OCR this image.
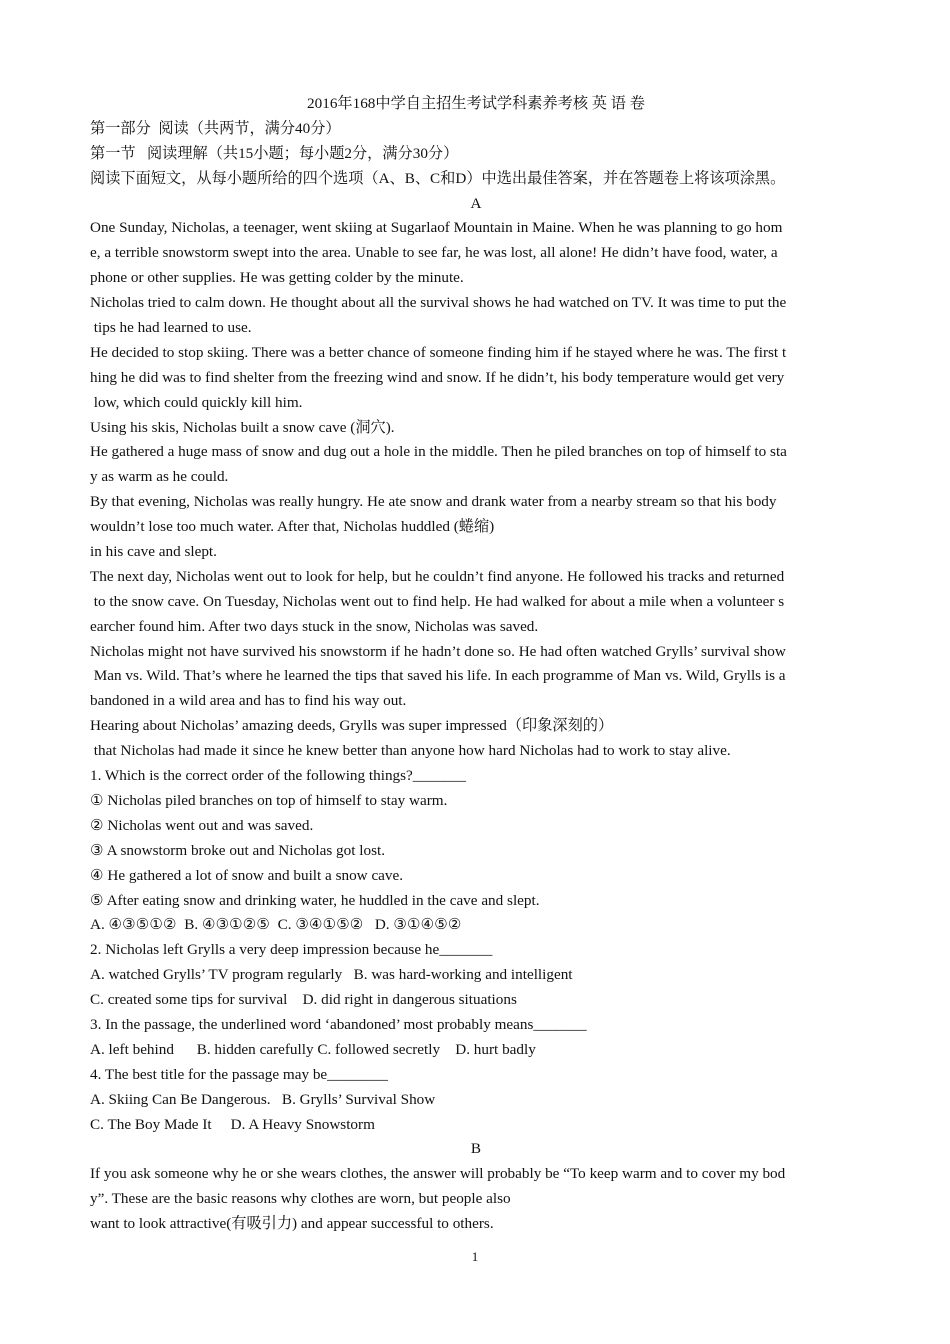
2016年168中学自主招生考试学科素养考核 英 语 卷
第一部分  阅读（共两节，满分40分）
第一节   阅读理解（共15小题；每小题2分，满分30分）
阅读下面短文，从每小题所给的四个选项（A、B、C和D）中选出最佳答案，并在答题卷上将该项涂黑。
A
One Sunday, Nicholas, a teenager, went skiing at Sugarlaof Mountain in Maine. When he was planning to go hom
e, a terrible snowstorm swept into the area. Unable to see far, he was lost, all alone! He didn’t have food, water, a
phone or other supplies. He was getting colder by the minute.
Nicholas tried to calm down. He thought about all the survival shows he had watched on TV. It was time to put the
tips he had learned to use.
He decided to stop skiing. There was a better chance of someone finding him if he stayed where he was. The first t
hing he did was to find shelter from the freezing wind and snow. If he didn’t, his body temperature would get very
low, which could quickly kill him.
Using his skis, Nicholas built a snow cave (洞穴).
He gathered a huge mass of snow and dug out a hole in the middle. Then he piled branches on top of himself to sta
y as warm as he could.
By that evening, Nicholas was really hungry. He ate snow and drank water from a nearby stream so that his body
wouldn’t lose too much water. After that, Nicholas huddled (蜷缩)
in his cave and slept.
The next day, Nicholas went out to look for help, but he couldn’t find anyone. He followed his tracks and returned
to the snow cave. On Tuesday, Nicholas went out to find help. He had walked for about a mile when a volunteer s
earcher found him. After two days stuck in the snow, Nicholas was saved.
Nicholas might not have survived his snowstorm if he hadn’t done so. He had often watched Grylls’ survival show
Man vs. Wild. That’s where he learned the tips that saved his life. In each programme of Man vs. Wild, Grylls is a
bandoned in a wild area and has to find his way out.
Hearing about Nicholas’ amazing deeds, Grylls was super impressed（印象深刻的）
that Nicholas had made it since he knew better than anyone how hard Nicholas had to work to stay alive.
1. Which is the correct order of the following things?_______
① Nicholas piled branches on top of himself to stay warm.
② Nicholas went out and was saved.
③ A snowstorm broke out and Nicholas got lost.
④ He gathered a lot of snow and built a snow cave.
⑤ After eating snow and drinking water, he huddled in the cave and slept.
A. ④③⑤①②  B. ④③①②⑤  C. ③④①⑤②   D. ③①④⑤②
2. Nicholas left Grylls a very deep impression because he_______
A. watched Grylls’ TV program regularly   B. was hard-working and intelligent
C. created some tips for survival    D. did right in dangerous situations
3. In the passage, the underlined word ‘abandoned’ most probably means_______
A. left behind      B. hidden carefully C. followed secretly    D. hurt badly
4. The best title for the passage may be________
A. Skiing Can Be Dangerous.   B. Grylls’ Survival Show
C. The Boy Made It     D. A Heavy Snowstorm
B
If you ask someone why he or she wears clothes, the answer will probably be “To keep warm and to cover my bod
y”. These are the basic reasons why clothes are worn, but people also
want to look attractive(有吸引力) and appear successful to others.
1
